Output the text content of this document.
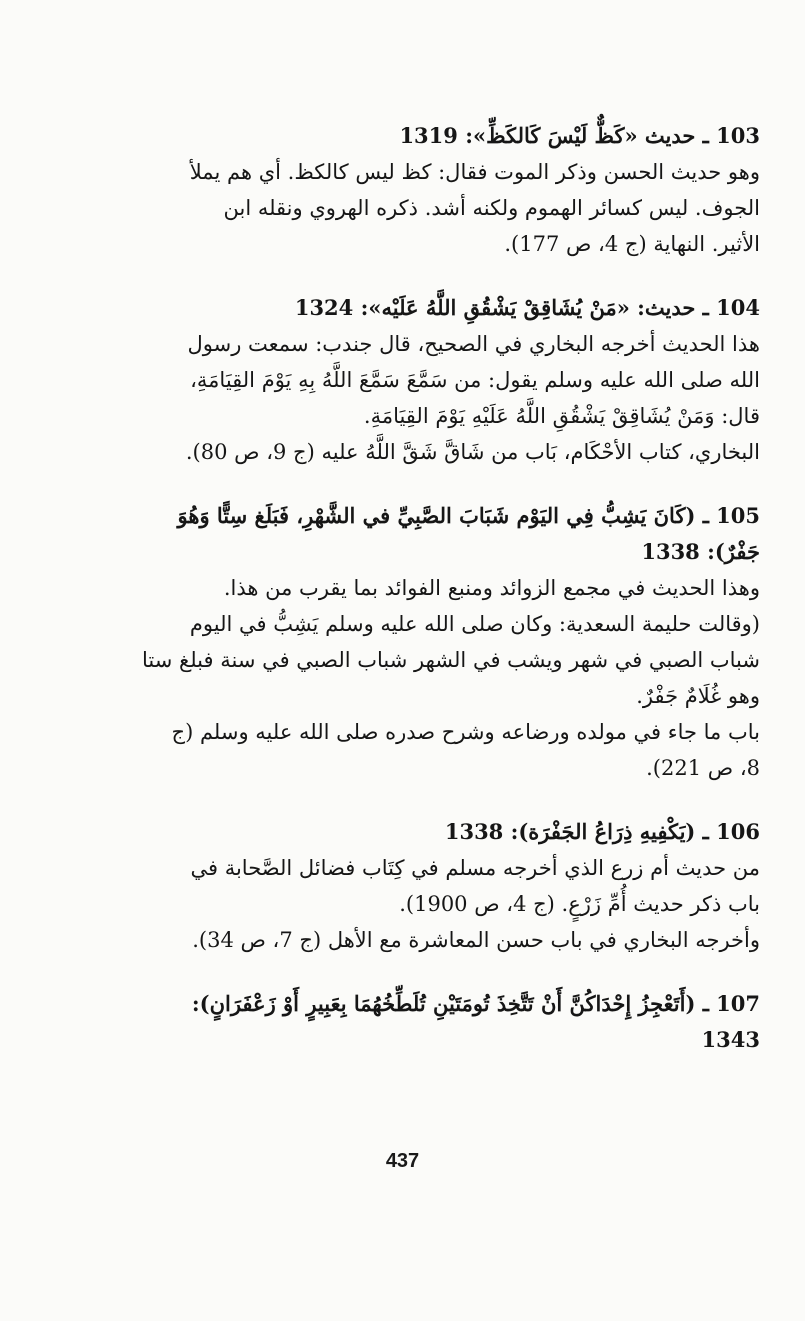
103 ـ حديث «كَظٌّ لَيْسَ كَالكَظِّ»: 1319
وهو حديث الحسن وذكر الموت فقال: كظ ليس كالكظ. أي هم يملأ
الجوف. ليس كسائر الهموم ولكنه أشد. ذكره الهروي ونقله ابن
الأثير. النهاية (ج 4، ص 177).
104 ـ حديث: «مَنْ يُشَاقِقْ يَشْقُقِ اللَّهُ عَلَيْه»: 1324
هذا الحديث أخرجه البخاري في الصحيح، قال جندب: سمعت رسول
الله صلى الله عليه وسلم يقول: من سَمَّعَ سَمَّعَ اللَّهُ بِهِ يَوْمَ القِيَامَةِ،
قال: وَمَنْ يُشَاقِقْ يَشْقُقِ اللَّهُ عَلَيْهِ يَوْمَ القِيَامَةِ.
البخاري، كتاب الأحْكَام، بَاب من شَاقَّ شَقَّ اللَّهُ عليه (ج 9، ص 80).
105 ـ (كَانَ يَشِبُّ فِي اليَوْم شَبَابَ الصَّبِيِّ في الشَّهْرِ، فَبَلَغ سِتًّا وَهُوَ
جَفْرٌ): 1338
وهذا الحديث في مجمع الزوائد ومنبع الفوائد بما يقرب من هذا.
(وقالت حليمة السعدية: وكان صلى الله عليه وسلم يَشِبُّ في اليوم
شباب الصبي في شهر ويشب في الشهر شباب الصبي في سنة فبلغ ستا
وهو غُلَامٌ جَفْرٌ.
باب ما جاء في مولده ورضاعه وشرح صدره صلى الله عليه وسلم (ج
8، ص 221).
106 ـ (يَكْفِيهِ ذِرَاعُ الجَفْرَة): 1338
من حديث أم زرع الذي أخرجه مسلم في كِتَاب فضائل الصَّحابة في
باب ذكر حديث أُمِّ زَرْعٍ. (ج 4، ص 1900).
وأخرجه البخاري في باب حسن المعاشرة مع الأهل (ج 7، ص 34).
107 ـ (أَتَعْجِزُ إِحْدَاكُنَّ أَنْ تَتَّخِذَ تُومَتَيْنِ تُلَطِّخُهُمَا بِعَبِيرٍ أَوْ زَعْفَرَانٍ):
1343
437
